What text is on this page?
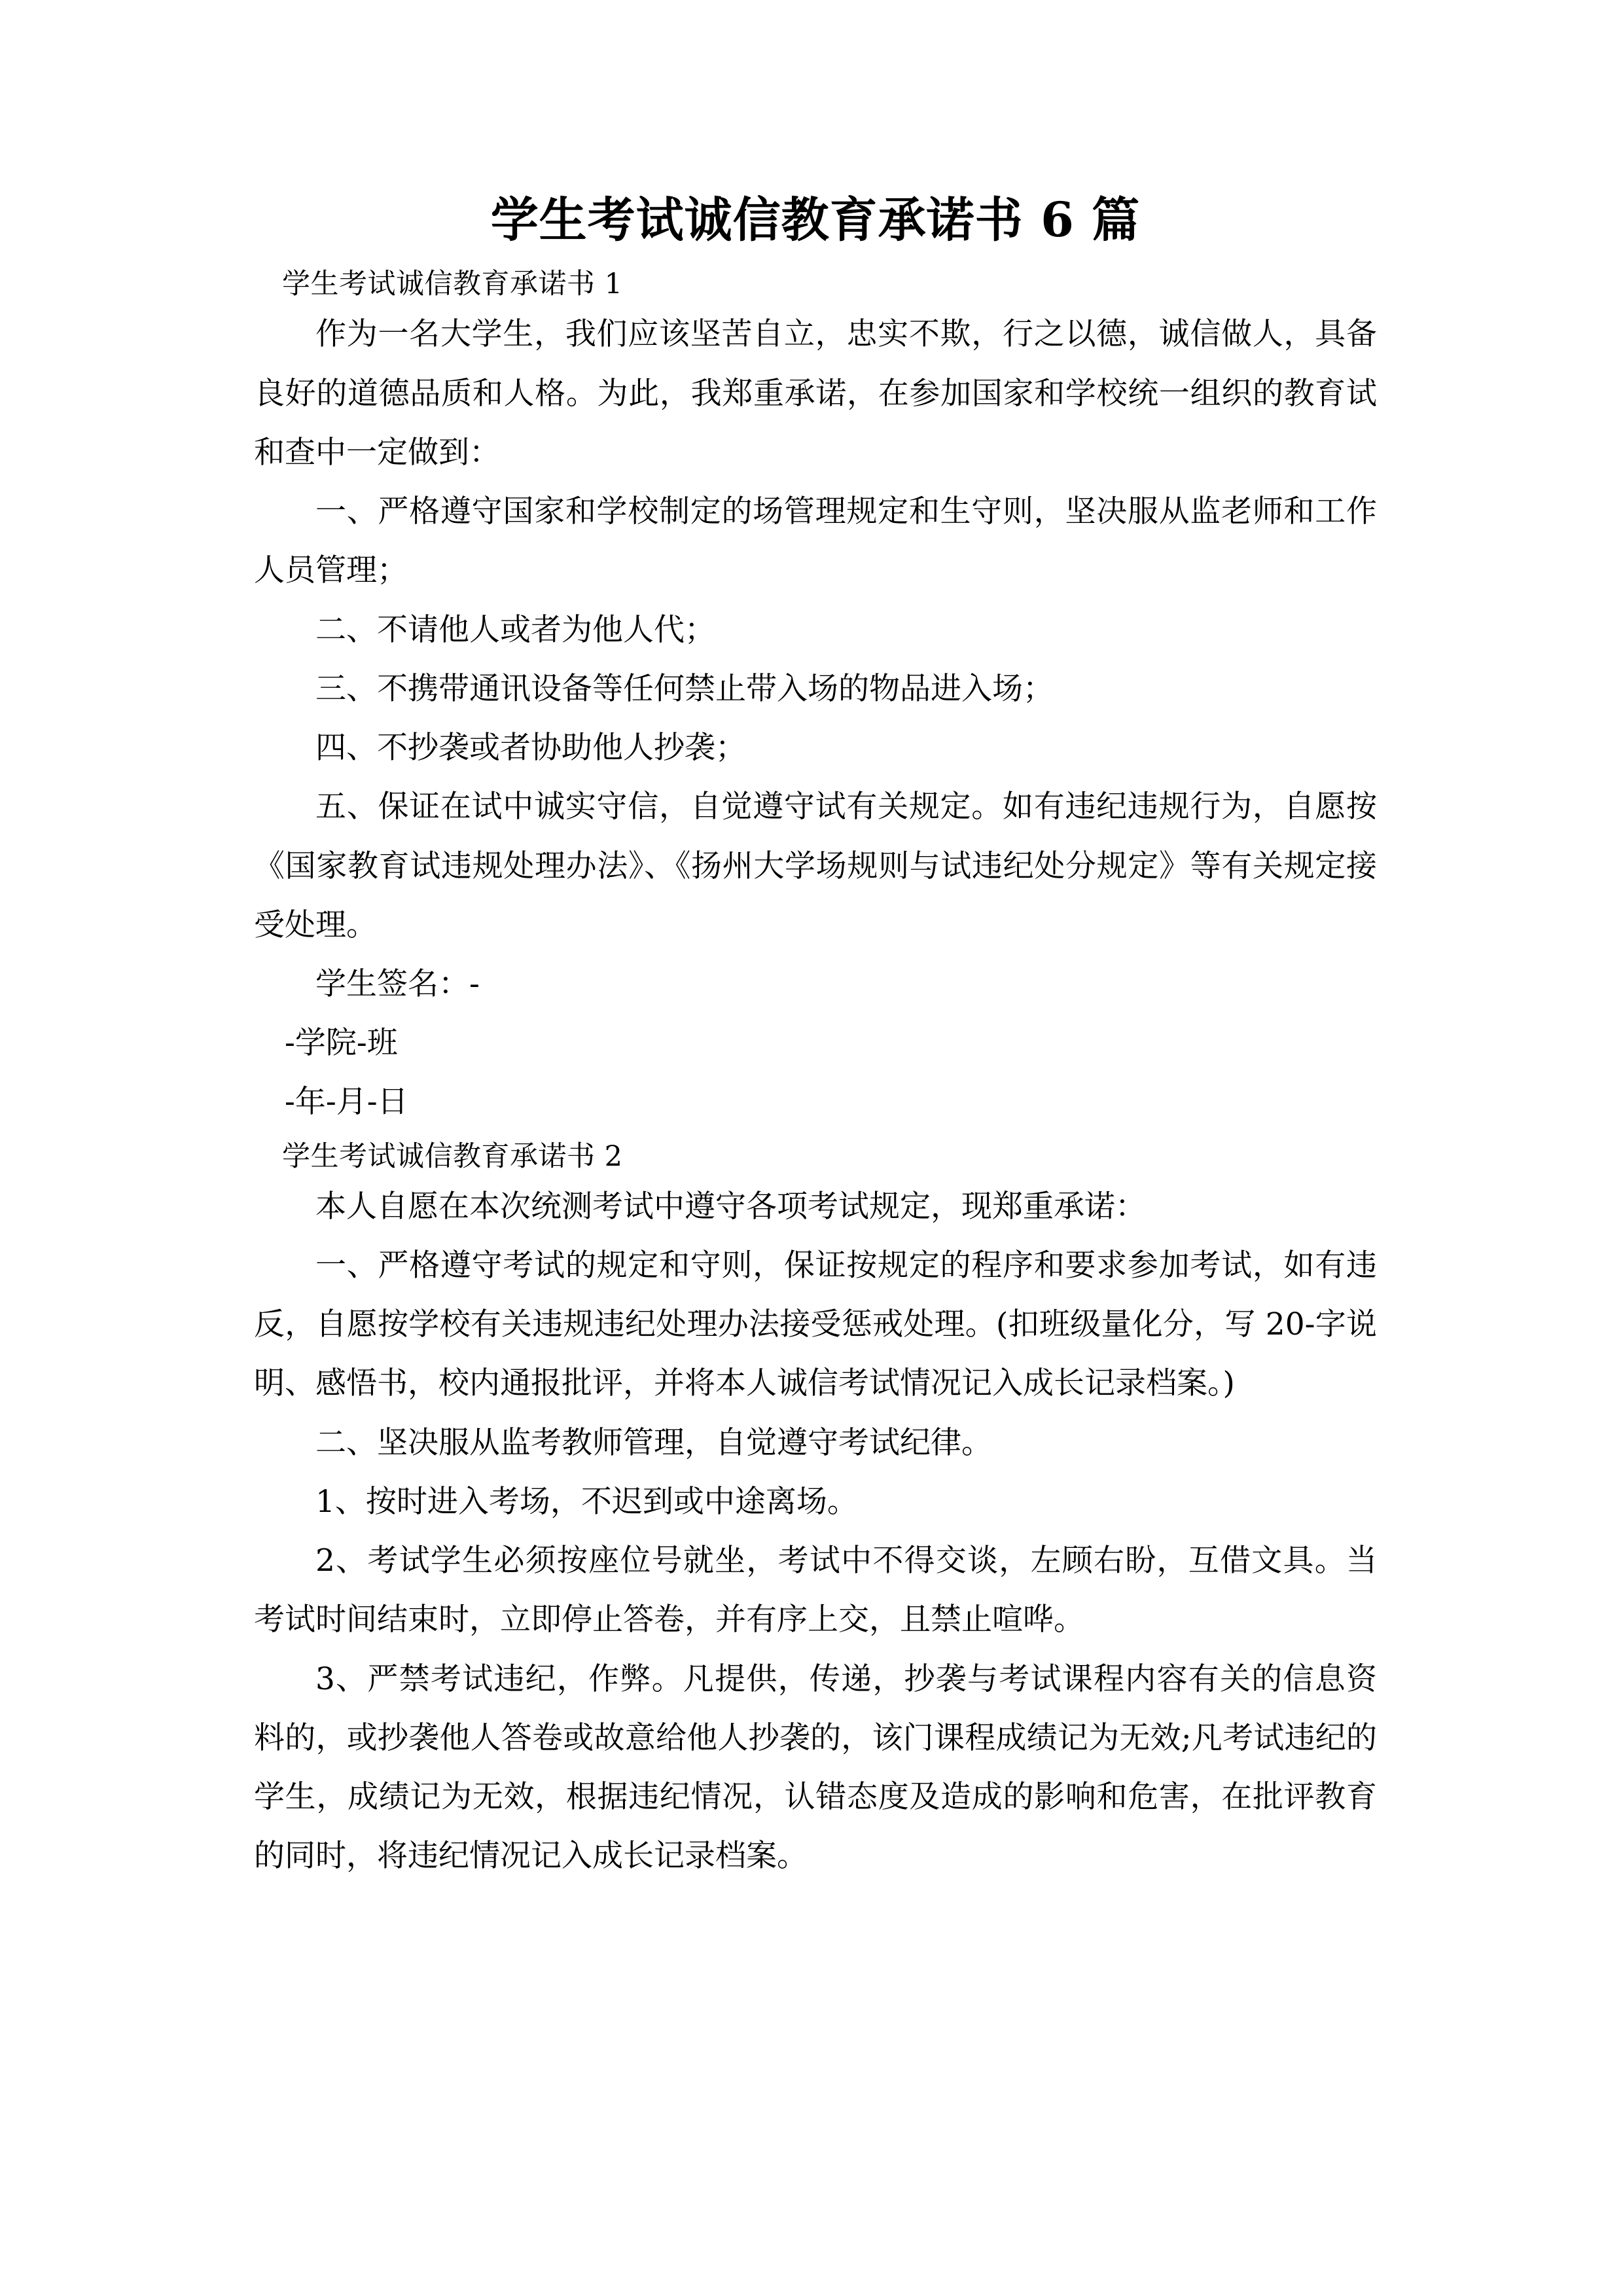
学生考试诚信教育承诺书 6 篇
学生考试诚信教育承诺书 1

作为一名大学生，我们应该坚苦自立，忠实不欺，行之以德，诚信做人，具备良好的道德品质和人格。为此，我郑重承诺，在参加国家和学校统一组织的教育试和查中一定做到：

一、严格遵守国家和学校制定的场管理规定和生守则，坚决服从监老师和工作人员管理；

二、不请他人或者为他人代；

三、不携带通讯设备等任何禁止带入场的物品进入场；

四、不抄袭或者协助他人抄袭；

五、保证在试中诚实守信，自觉遵守试有关规定。如有违纪违规行为，自愿按《国家教育试违规处理办法》、《扬州大学场规则与试违纪处分规定》等有关规定接受处理。

学生签名：-

-学院-班

-年-月-日

学生考试诚信教育承诺书 2

本人自愿在本次统测考试中遵守各项考试规定，现郑重承诺：

一、严格遵守考试的规定和守则，保证按规定的程序和要求参加考试，如有违反，自愿按学校有关违规违纪处理办法接受惩戒处理。(扣班级量化分，写 20-字说明、感悟书，校内通报批评，并将本人诚信考试情况记入成长记录档案。)

二、坚决服从监考教师管理，自觉遵守考试纪律。

1、按时进入考场，不迟到或中途离场。

2、考试学生必须按座位号就坐，考试中不得交谈，左顾右盼，互借文具。当考试时间结束时，立即停止答卷，并有序上交，且禁止喧哗。

3、严禁考试违纪，作弊。凡提供，传递，抄袭与考试课程内容有关的信息资料的，或抄袭他人答卷或故意给他人抄袭的，该门课程成绩记为无效;凡考试违纪的学生，成绩记为无效，根据违纪情况，认错态度及造成的影响和危害，在批评教育的同时，将违纪情况记入成长记录档案。
